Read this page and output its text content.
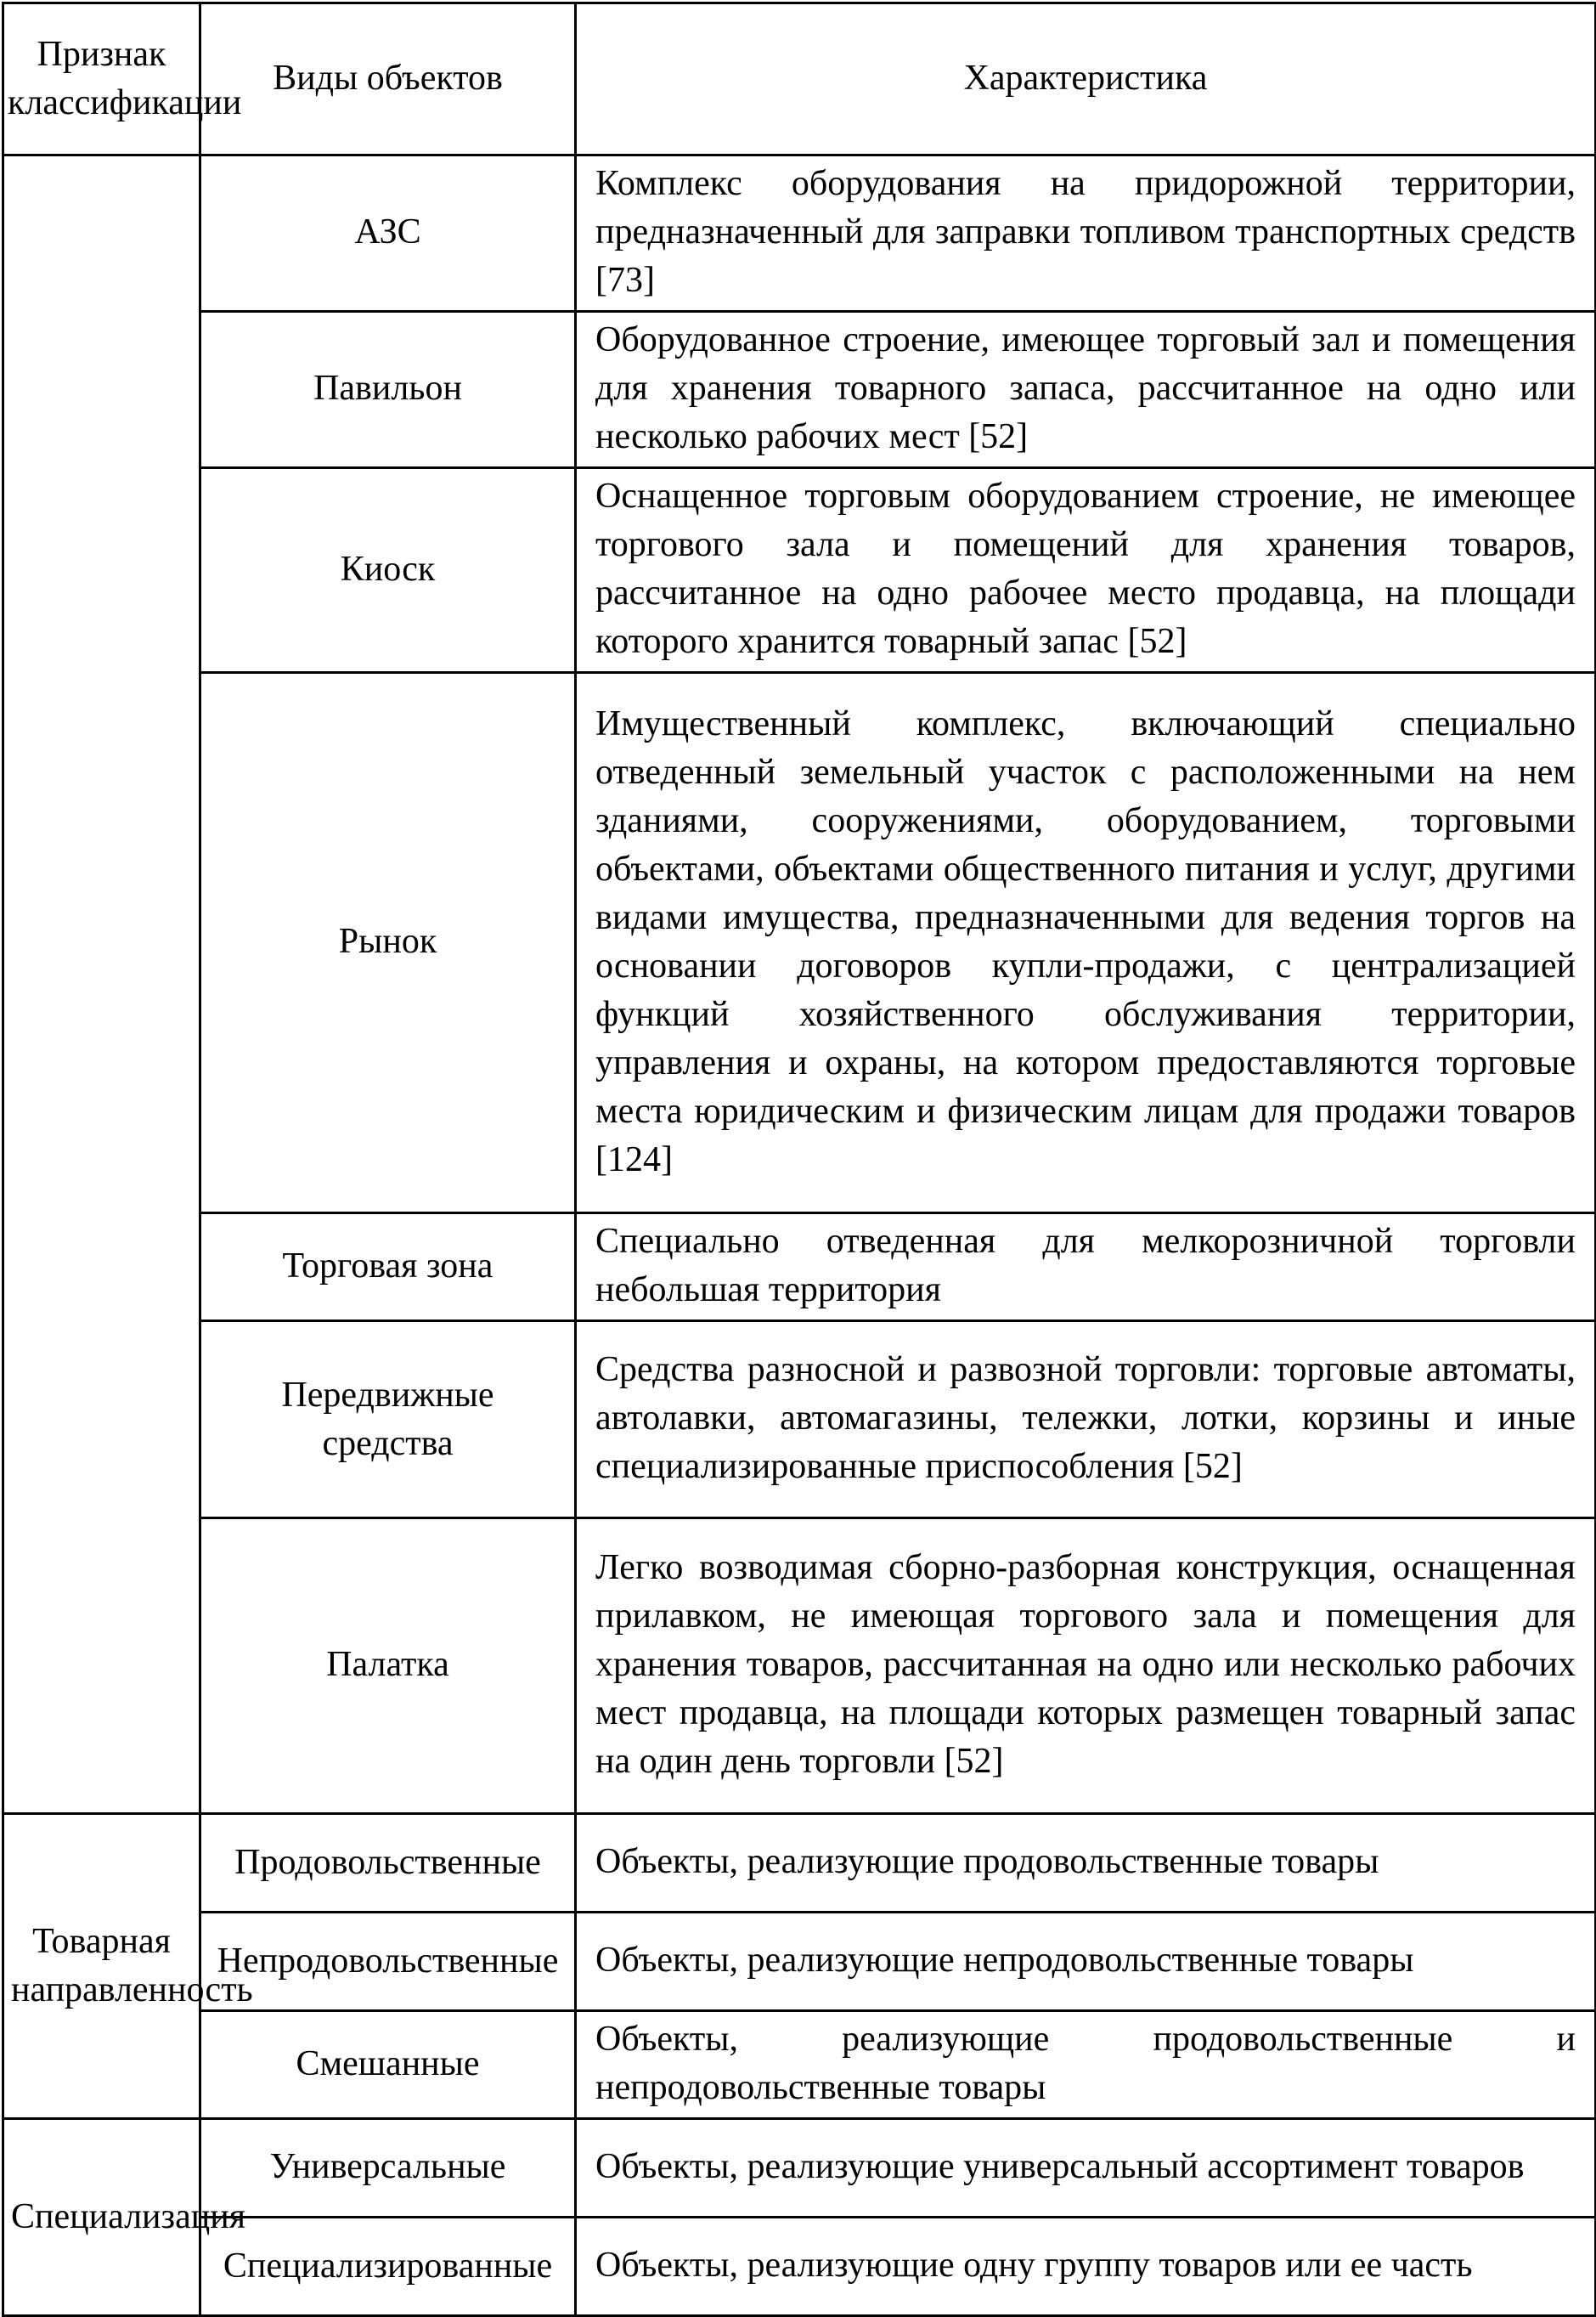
Признак классификации	Виды объектов	Характеристика
	АЗС	Комплекс оборудования на придорожной территории, предназначенный для заправки топливом транспортных средств [73]
	Павильон	Оборудованное строение, имеющее торговый зал и помещения для хранения товарного запаса, рассчитанное на одно или несколько рабочих мест [52]
	Киоск	Оснащенное торговым оборудованием строение, не имеющее торгового зала и помещений для хранения товаров, рассчитанное на одно рабочее место продавца, на площади которого хранится товарный запас [52]
	Рынок	Имущественный комплекс, включающий специально отведенный земельный участок с расположенными на нем зданиями, сооружениями, оборудованием, торговыми объектами, объектами общественного питания и услуг, другими видами имущества, предназначенными для ведения торгов на основании договоров купли-продажи, с централизацией функций хозяйственного обслуживания территории, управления и охраны, на котором предоставляются торговые места юридическим и физическим лицам для продажи товаров [124]
	Торговая зона	Специально отведенная для мелкорозничной торговли небольшая территория
	Передвижные средства	Средства разносной и развозной торговли: торговые автоматы, автолавки, автомагазины, тележки, лотки, корзины и иные специализированные приспособления [52]
	Палатка	Легко возводимая сборно-разборная конструкция, оснащенная прилавком, не имеющая торгового зала и помещения для хранения товаров, рассчитанная на одно или несколько рабочих мест продавца, на площади которых размещен товарный запас на один день торговли [52]
Товарная направленность	Продовольственные	Объекты, реализующие продовольственные товары
	Непродовольственные	Объекты, реализующие непродовольственные товары
	Смешанные	Объекты, реализующие продовольственные и непродовольственные товары
Специализация	Универсальные	Объекты, реализующие универсальный ассортимент товаров
	Специализированные	Объекты, реализующие одну группу товаров или ее часть
